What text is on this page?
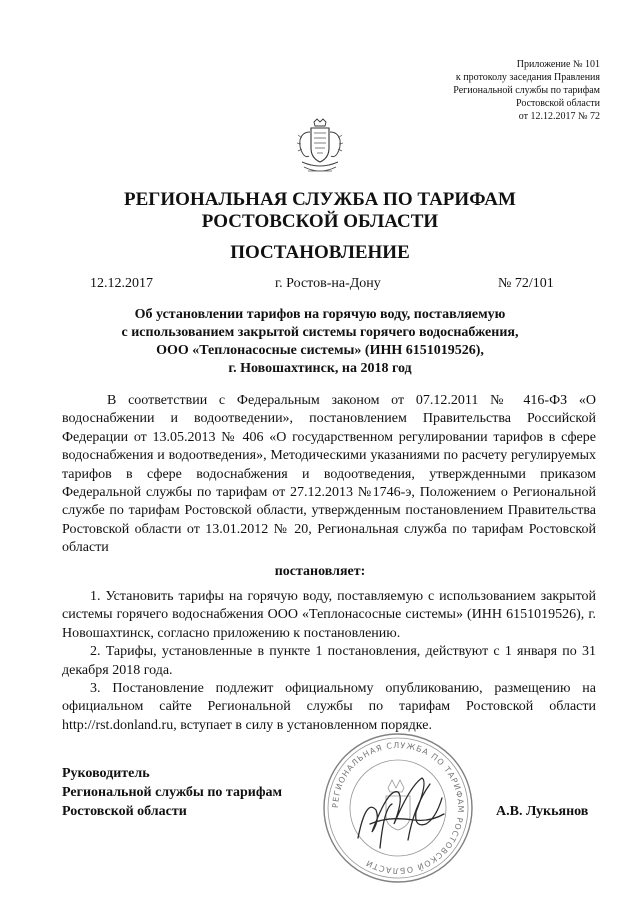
Приложение № 101
к протоколу заседания Правления
Региональной службы по тарифам
Ростовской области
от 12.12.2017 № 72
РЕГИОНАЛЬНАЯ СЛУЖБА ПО ТАРИФАМ
РОСТОВСКОЙ ОБЛАСТИ
ПОСТАНОВЛЕНИЕ
12.12.2017	г. Ростов-на-Дону	№ 72/101
Об установлении тарифов на горячую воду, поставляемую
с использованием закрытой системы горячего водоснабжения,
ООО «Теплонасосные системы» (ИНН 6151019526),
г. Новошахтинск, на 2018 год

В соответствии с Федеральным законом от 07.12.2011 № 416-ФЗ «О водоснабжении и водоотведении», постановлением Правительства Российской Федерации от 13.05.2013 № 406 «О государственном регулировании тарифов в сфере водоснабжения и водоотведения», Методическими указаниями по расчету регулируемых тарифов в сфере водоснабжения и водоотведения, утвержденными приказом Федеральной службы по тарифам от 27.12.2013 №1746-э, Положением о Региональной службе по тарифам Ростовской области, утвержденным постановлением Правительства Ростовской области от 13.01.2012 № 20, Региональная служба по тарифам Ростовской области

постановляет:

1. Установить тарифы на горячую воду, поставляемую с использованием закрытой системы горячего водоснабжения ООО «Теплонасосные системы» (ИНН 6151019526), г. Новошахтинск, согласно приложению к постановлению.

2. Тарифы, установленные в пункте 1 постановления, действуют с 1 января по 31 декабря 2018 года.

3. Постановление подлежит официальному опубликованию, размещению на официальном сайте Региональной службы по тарифам Ростовской области http://rst.donland.ru, вступает в силу в установленном порядке.

РЕГИОНАЛЬНАЯ СЛУЖБА ПО ТАРИФАМ РОСТОВСКОЙ ОБЛАСТИ
Руководитель
Региональной службы по тарифам
Ростовской области	А.В. Лукьянов
